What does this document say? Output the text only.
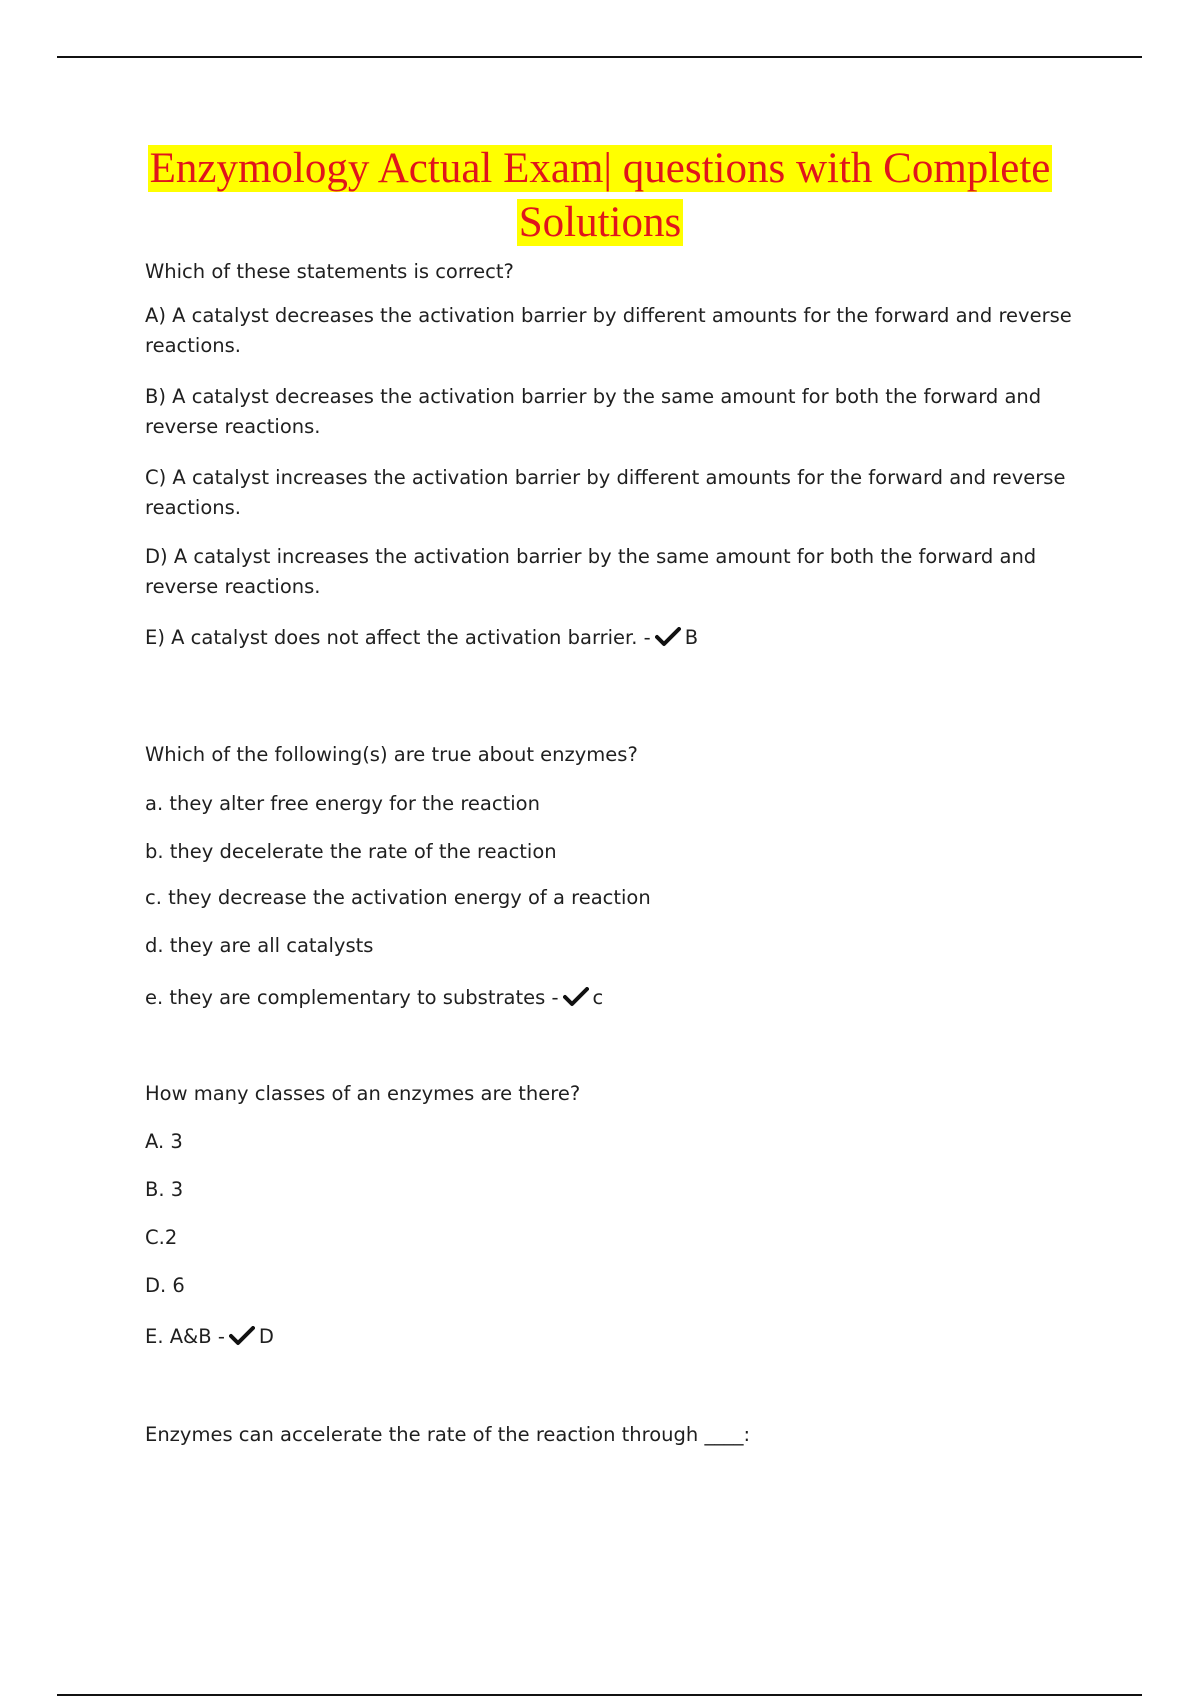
Enzymology Actual Exam| questions with Complete
Solutions
Which of these statements is correct?
A) A catalyst decreases the activation barrier by different amounts for the forward and reverse
reactions.
B) A catalyst decreases the activation barrier by the same amount for both the forward and
reverse reactions.
C) A catalyst increases the activation barrier by different amounts for the forward and reverse
reactions.
D) A catalyst increases the activation barrier by the same amount for both the forward and
reverse reactions.
E) A catalyst does not affect the activation barrier. - B
Which of the following(s) are true about enzymes?
a. they alter free energy for the reaction
b. they decelerate the rate of the reaction
c. they decrease the activation energy of a reaction
d. they are all catalysts
e. they are complementary to substrates - c
How many classes of an enzymes are there?
A. 3
B. 3
C.2
D. 6
E. A&B - D
Enzymes can accelerate the rate of the reaction through ____:
